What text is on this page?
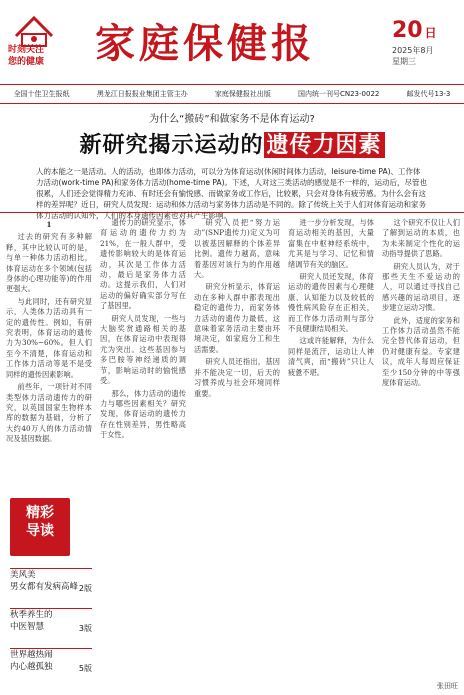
时刻关注
您的健康 家庭保健报	20 日
2025年8月
星期三
全国十佳卫生报纸	黑龙江日报报业集团主管主办	家庭保健报社出版	国内统一刊号CN23-0022	邮发代号13-3
为什么“搬砖”和做家务不是体育运动?
新研究揭示运动的 遗传力因素
人的本能之一是活动。人的活动，也即体力活动，可以分为体育运动(休闲时间体力活动，leisure-time PA)、工作体力活动(work-time PA)和家务体力活动(home-time PA)。下述，人对这三类活动的感觉是不一样的，运动后，尽管也很累，人们还会觉得精力充沛、有时还会有愉悦感、而做家务或工作后，比较累，只会对身体有疲劳感。为什么会有这样的差异呢？近日，研究人员发现：运动和体力活动与家务体力活动是不同的。除了传统上关于人们对体育运动和家务体力活动的认知外，人们的本身遗传因素也对其产生影响。
1

过去的研究有多种解释，其中比较认可的是，与单一种体力活动相比，体育运动在多个领域(包括身体的心理功能等)的作用更强大。

与此同时，还有研究显示，人类体力活动具有一定的遗传性。例如，有研究表明，体育运动的遗传力为30%~60%。但人们至今不清楚，体育运动和工作体力活动等是不是受同样的遗传因素影响。

前些年，一项针对不同类型体力活动遗传力的研究，以英国国家生物样本库的数据为基础，分析了大约40万人的体力活动情况及基因数据。

遗传力的研究显示，体育运动的遗传力约为21%，在一般人群中，受遗传影响较大的是体育运动，其次是工作体力活动，最后是家务体力活动。这提示我们，人们对运动的偏好确实部分写在了基因里。

研究人员发现，一些与大脑奖赏通路相关的基因，在体育运动中表现得尤为突出。这些基因参与多巴胺等神经递质的调节，影响运动时的愉悦感受。

那么，体力活动的遗传力与哪些因素相关？研究发现，体育运动的遗传力存在性别差异，男性略高于女性。

研究人员把“努力运动”(SNP遗传力)定义为可以被基因解释的个体差异比例。遗传力越高，意味着基因对该行为的作用越大。

研究分析显示，体育运动在多种人群中都表现出稳定的遗传力，而家务体力活动的遗传力最低，这意味着家务活动主要由环境决定，如家庭分工和生活需要。

研究人员还指出，基因并不能决定一切，后天的习惯养成与社会环境同样重要。

进一步分析发现，与体育运动相关的基因，大量富集在中枢神经系统中，尤其是与学习、记忆和情绪调节有关的脑区。

研究人员还发现，体育运动的遗传因素与心理健康、认知能力以及较低的慢性病风险存在正相关，而工作体力活动则与部分不良健康结局相关。

这或许能解释，为什么同样是流汗，运动让人神清气爽，而“搬砖”只让人疲惫不堪。

这个研究不仅让人们了解到运动的本质，也为未来制定个性化的运动指导提供了思路。

研究人员认为，对于那些天生不爱运动的人，可以通过寻找自己感兴趣的运动项目，逐步建立运动习惯。

此外，适度的家务和工作体力活动虽然不能完全替代体育运动，但仍对健康有益。专家建议，成年人每周应保证至少150分钟的中等强度体育运动。

张田旺
精彩
导读
美风美
男女都有发病高峰 2版
秋季养生的
中医智慧	3版
世界越热闹
内心越孤独	5版
